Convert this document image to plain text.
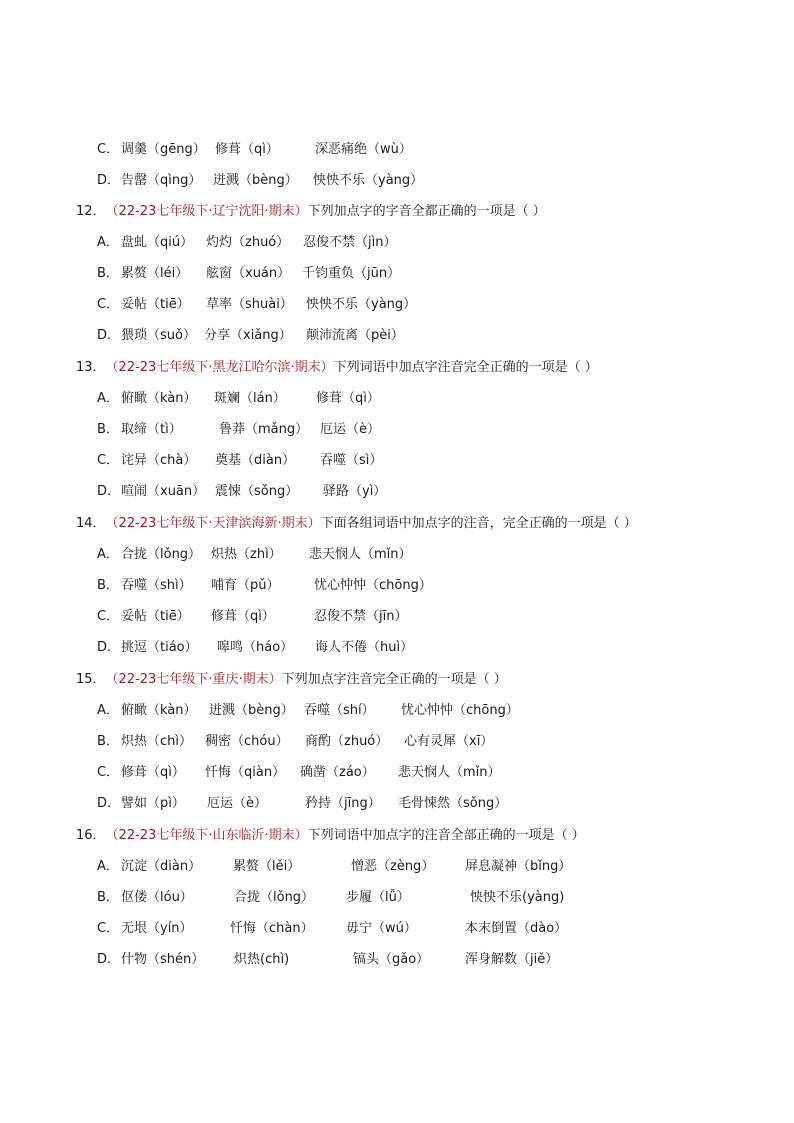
C． 调羹（gēng） 修葺（qì）	深恶痛绝（wù）
D． 告罄（qìng） 迸溅（bèng） 怏怏不乐（yàng）
12．（22-23七年级下·辽宁沈阳·期末）下列加点字的字音全都正确的一项是（ ）
A． 盘虬（qiú） 灼灼（zhuó） 忍俊不禁（jìn）
B． 累赘（léi） 舷窗（xuán） 千钧重负（jūn）
C． 妥帖（tiē） 草率（shuài） 怏怏不乐（yàng）
D． 猥琐（suǒ） 分享（xiǎng） 颠沛流离（pèi）
13．（22-23七年级下·黑龙江哈尔滨·期末）下列词语中加点字注音完全正确的一项是（ ）
A． 俯瞰（kàn） 斑斓（lán） 修葺（qì）
B． 取缔（tì）	鲁莽（mǎng） 厄运（è）
C． 诧异（chà） 奠基（diàn） 吞噬（sì）
D． 喧闹（xuān） 震悚（sǒng） 驿路（yì）
14．（22-23七年级下·天津滨海新·期末）下面各组词语中加点字的注音，完全正确的一项是（ ）
A． 合拢（lǒng） 炽热（zhì） 悲天悯人（mǐn）
B． 吞噬（shì） 哺育（pǔ）	忧心忡忡（chōng）
C． 妥帖（tiē） 修葺（qì）	忍俊不禁（jīn）
D． 挑逗（tiáo） 嗥鸣（háo） 诲人不倦（huì）
15．（22-23七年级下·重庆·期末）下列加点字注音完全正确的一项是（ ）
A． 俯瞰（kàn） 迸溅（bèng） 吞噬（shí） 忧心忡忡（chōng）
B． 炽热（chì） 稠密（chóu） 商酌（zhuó） 心有灵犀（xī）
C． 修葺（qì） 忏悔（qiàn） 确凿（záo） 悲天悯人（mǐn）
D． 譬如（pì） 厄运（è）	矜持（jīng） 毛骨悚然（sǒng）
16．（22-23七年级下·山东临沂·期末）下列词语中加点字的注音全部正确的一项是（ ）
A． 沉淀（diàn） 累赘（lěi）	憎恶（zèng） 屏息凝神（bǐng）
B． 伛偻（lóu）	合拢（lǒng） 步履（lǚ）	怏怏不乐(yàng)
C． 无垠（yín）	忏悔（chàn） 毋宁（wú）	本末倒置（dào）
D． 什物（shén） 炽热(chì)	镐头（gǎo）	浑身解数（jiě）
